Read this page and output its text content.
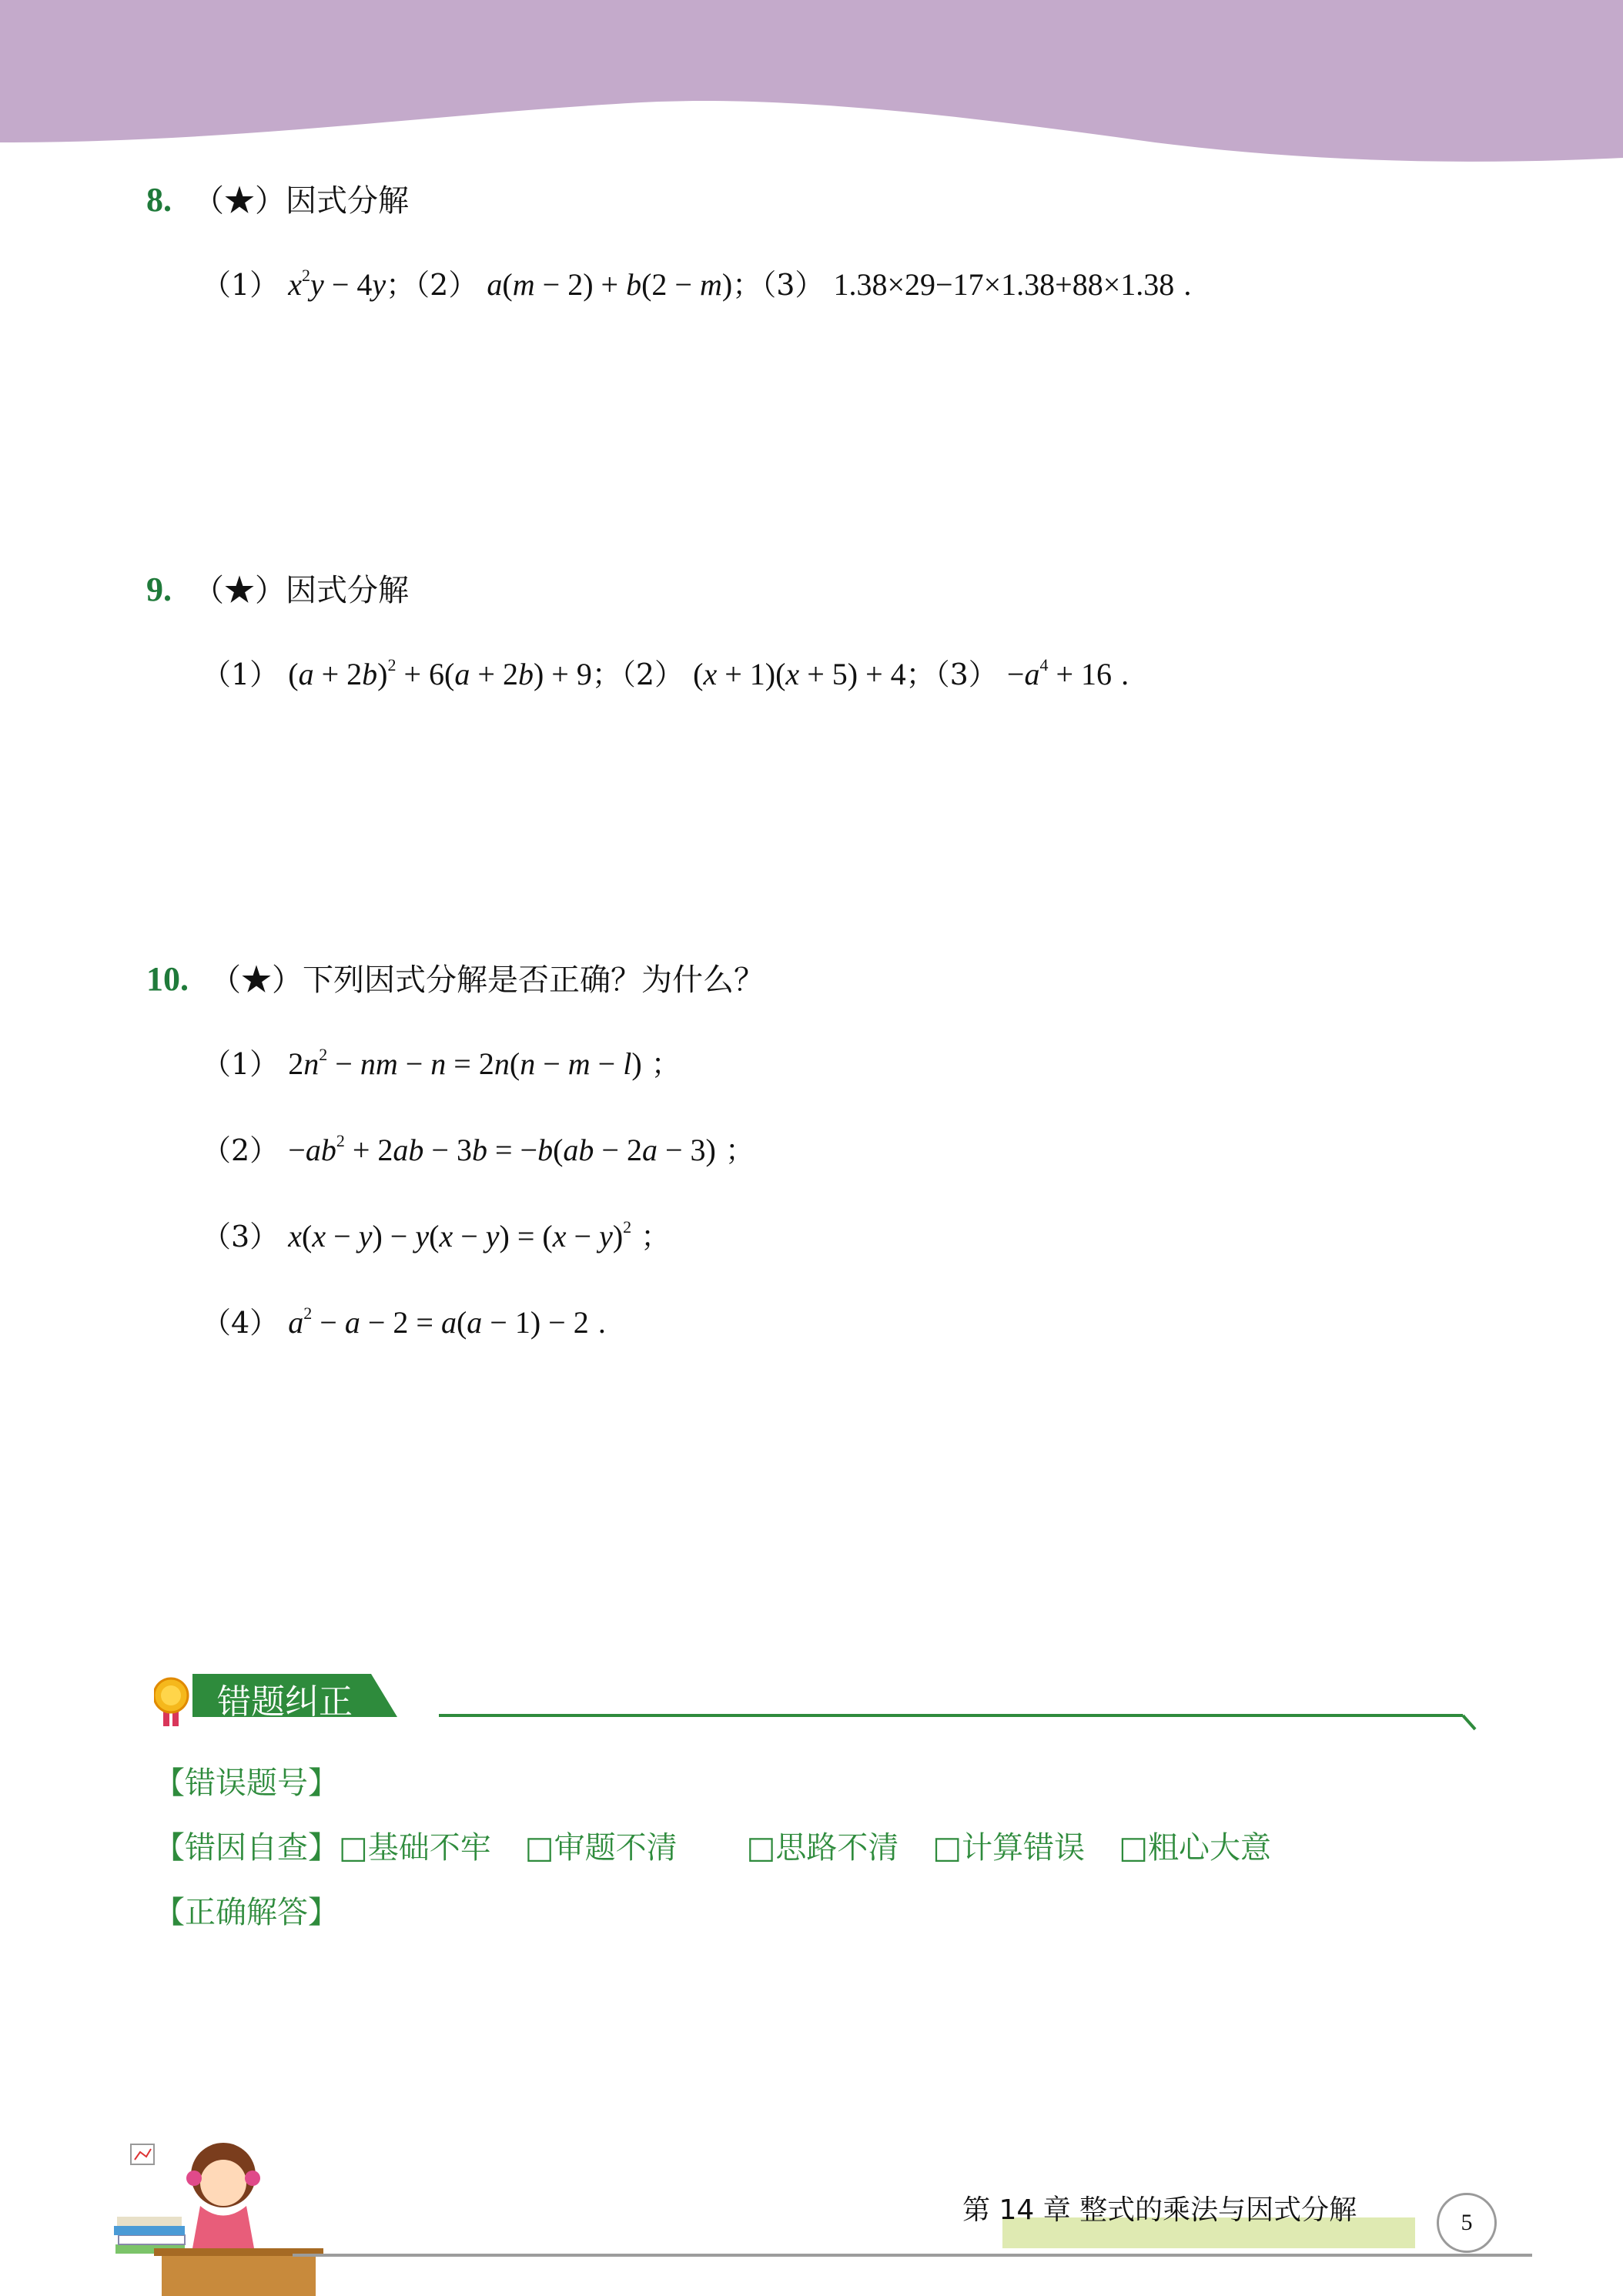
8. （★）因式分解
（1） $x^2y - 4y$；（2） a(m − 2) + b(2 − m)；（3） 1.38×29−17×1.38+88×1.38 .
9. （★）因式分解
（1） $(a + 2b)^2 + 6(a + 2b) + 9$；（2） (x + 1)(x + 5) + 4；$(3) -a^4 + 16$ .
10. （★）下列因式分解是否正确？为什么？
（1） $2n^2$ − nm − n = 2n(n − m − l) ；
$(2) -ab^2 + 2ab - 3b = -b(ab - 2a - 3)$ ；
（3） $x(x - y) - y(x - y) = (x - y)^2$ ；
（4） $a^2 - a - 2 = a(a - 1) - 2$ .
错题纠正
【错误题号】
【错因自查】□基础不牢 □审题不清 □思路不清 □计算错误 □粗心大意
【正确解答】
第 14 章 整式的乘法与因式分解	5
